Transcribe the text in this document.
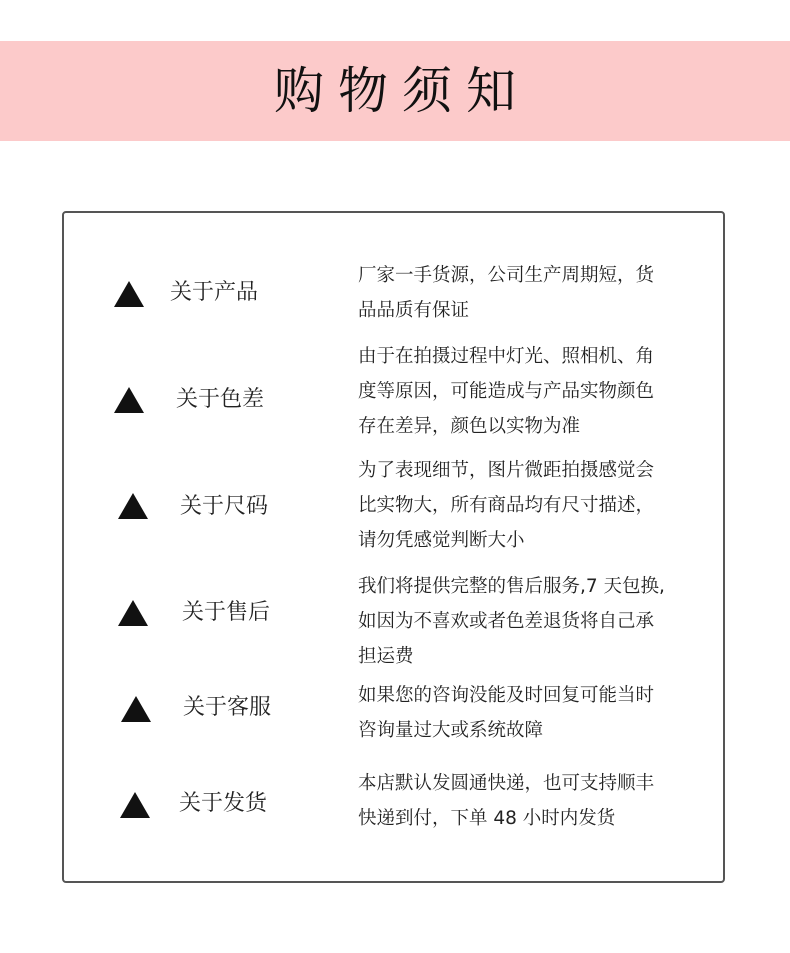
购物须知
关于产品
厂家一手货源，公司生产周期短，货
品品质有保证
关于色差
由于在拍摄过程中灯光、照相机、角
度等原因，可能造成与产品实物颜色
存在差异，颜色以实物为准
关于尺码
为了表现细节，图片微距拍摄感觉会
比实物大，所有商品均有尺寸描述，
请勿凭感觉判断大小
关于售后
我们将提供完整的售后服务,7 天包换,
如因为不喜欢或者色差退货将自己承
担运费
关于客服	如果您的咨询没能及时回复可能当时
咨询量过大或系统故障
关于发货
本店默认发圆通快递，也可支持顺丰
快递到付，下单 48 小时内发货
